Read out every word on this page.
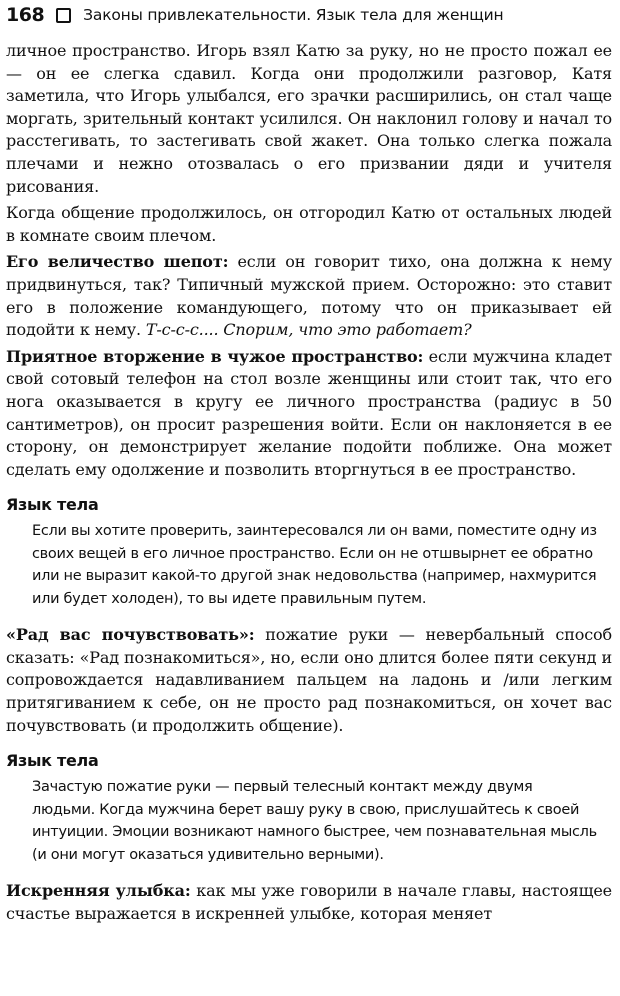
168	Законы привлекательности. Язык тела для женщин

личное пространство. Игорь взял Катю за руку, но не просто пожал ее — он ее слегка сдавил. Когда они продолжили разговор, Катя заметила, что Игорь улыбался, его зрачки расширились, он стал чаще моргать, зрительный контакт усилился. Он наклонил голову и начал то расстегивать, то застегивать свой жакет. Она только слегка пожала плечами и нежно отозвалась о его призвании дяди и учителя рисования.

Когда общение продолжилось, он отгородил Катю от остальных людей в комнате своим плечом.

Его величество шепот: если он говорит тихо, она должна к нему придвинуться, так? Типичный мужской прием. Осторожно: это ставит его в положение командующего, потому что он приказывает ей подойти к нему. Т-с-с-с.... Спорим, что это работает?

Приятное вторжение в чужое пространство: если мужчина кладет свой сотовый телефон на стол возле женщины или стоит так, что его нога оказывается в кругу ее личного пространства (радиус в 50 сантиметров), он просит разрешения войти. Если он наклоняется в ее сторону, он демонстрирует желание подойти поближе. Она может сделать ему одолжение и позволить вторгнуться в ее пространство.

Язык тела
Если вы хотите проверить, заинтересовался ли он вами, поместите одну из своих вещей в его личное пространство. Если он не отшвырнет ее обратно или не выразит какой-то другой знак недовольства (например, нахмурится или будет холоден), то вы идете правильным путем.

«Рад вас почувствовать»: пожатие руки — невербальный способ сказать: «Рад познакомиться», но, если оно длится более пяти секунд и сопровождается надавливанием пальцем на ладонь и /или легким притягиванием к себе, он не просто рад познакомиться, он хочет вас почувствовать (и продолжить общение).

Язык тела
Зачастую пожатие руки — первый телесный контакт между двумя людьми. Когда мужчина берет вашу руку в свою, прислушайтесь к своей интуиции. Эмоции возникают намного быстрее, чем познавательная мысль (и они могут оказаться удивительно верными).

Искренняя улыбка: как мы уже говорили в начале главы, настоящее счастье выражается в искренней улыбке, которая меняет
